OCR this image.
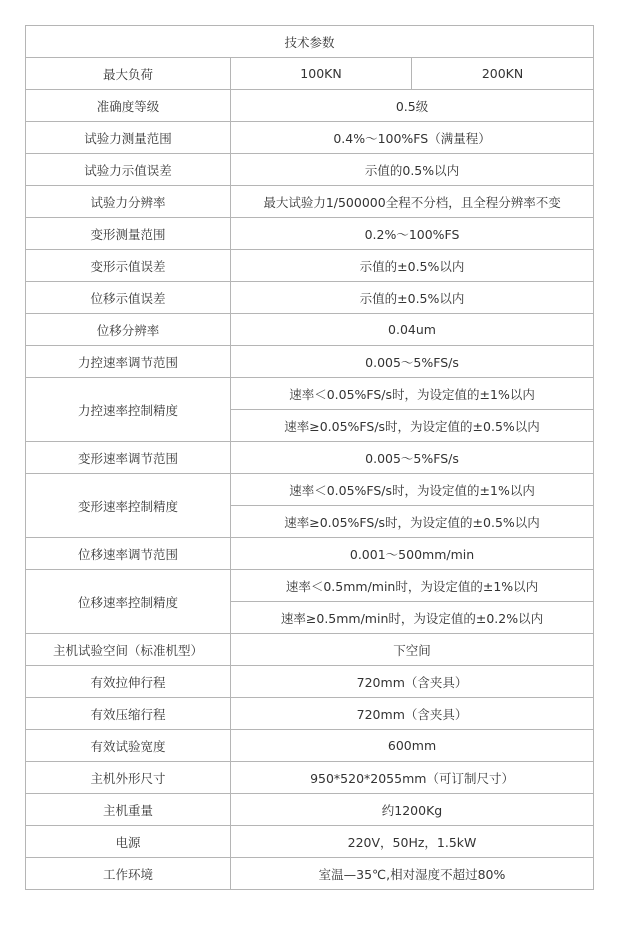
技术参数		
最大负荷	100KN	200KN
准确度等级	0.5级	
试验力测量范围	0.4%～100%FS（满量程）	
试验力示值误差	示值的0.5%以内	
试验力分辨率	最大试验力1/500000全程不分档，且全程分辨率不变	
变形测量范围	0.2%～100%FS	
变形示值误差	示值的±0.5%以内	
位移示值误差	示值的±0.5%以内	
位移分辨率	0.04um	
力控速率调节范围	0.005～5%FS/s	
力控速率控制精度	速率＜0.05%FS/s时，为设定值的±1%以内	
	速率≥0.05%FS/s时，为设定值的±0.5%以内	
变形速率调节范围	0.005～5%FS/s	
变形速率控制精度	速率＜0.05%FS/s时，为设定值的±1%以内	
	速率≥0.05%FS/s时，为设定值的±0.5%以内	
位移速率调节范围	0.001～500mm/min	
位移速率控制精度	速率＜0.5mm/min时，为设定值的±1%以内	
	速率≥0.5mm/min时，为设定值的±0.2%以内	
主机试验空间（标准机型）	下空间	
有效拉伸行程	720mm（含夹具）	
有效压缩行程	720mm（含夹具）	
有效试验宽度	600mm	
主机外形尺寸	950*520*2055mm（可订制尺寸）	
主机重量	约1200Kg	
电源	220V，50Hz，1.5kW	
工作环境	室温—35℃,相对湿度不超过80%	
